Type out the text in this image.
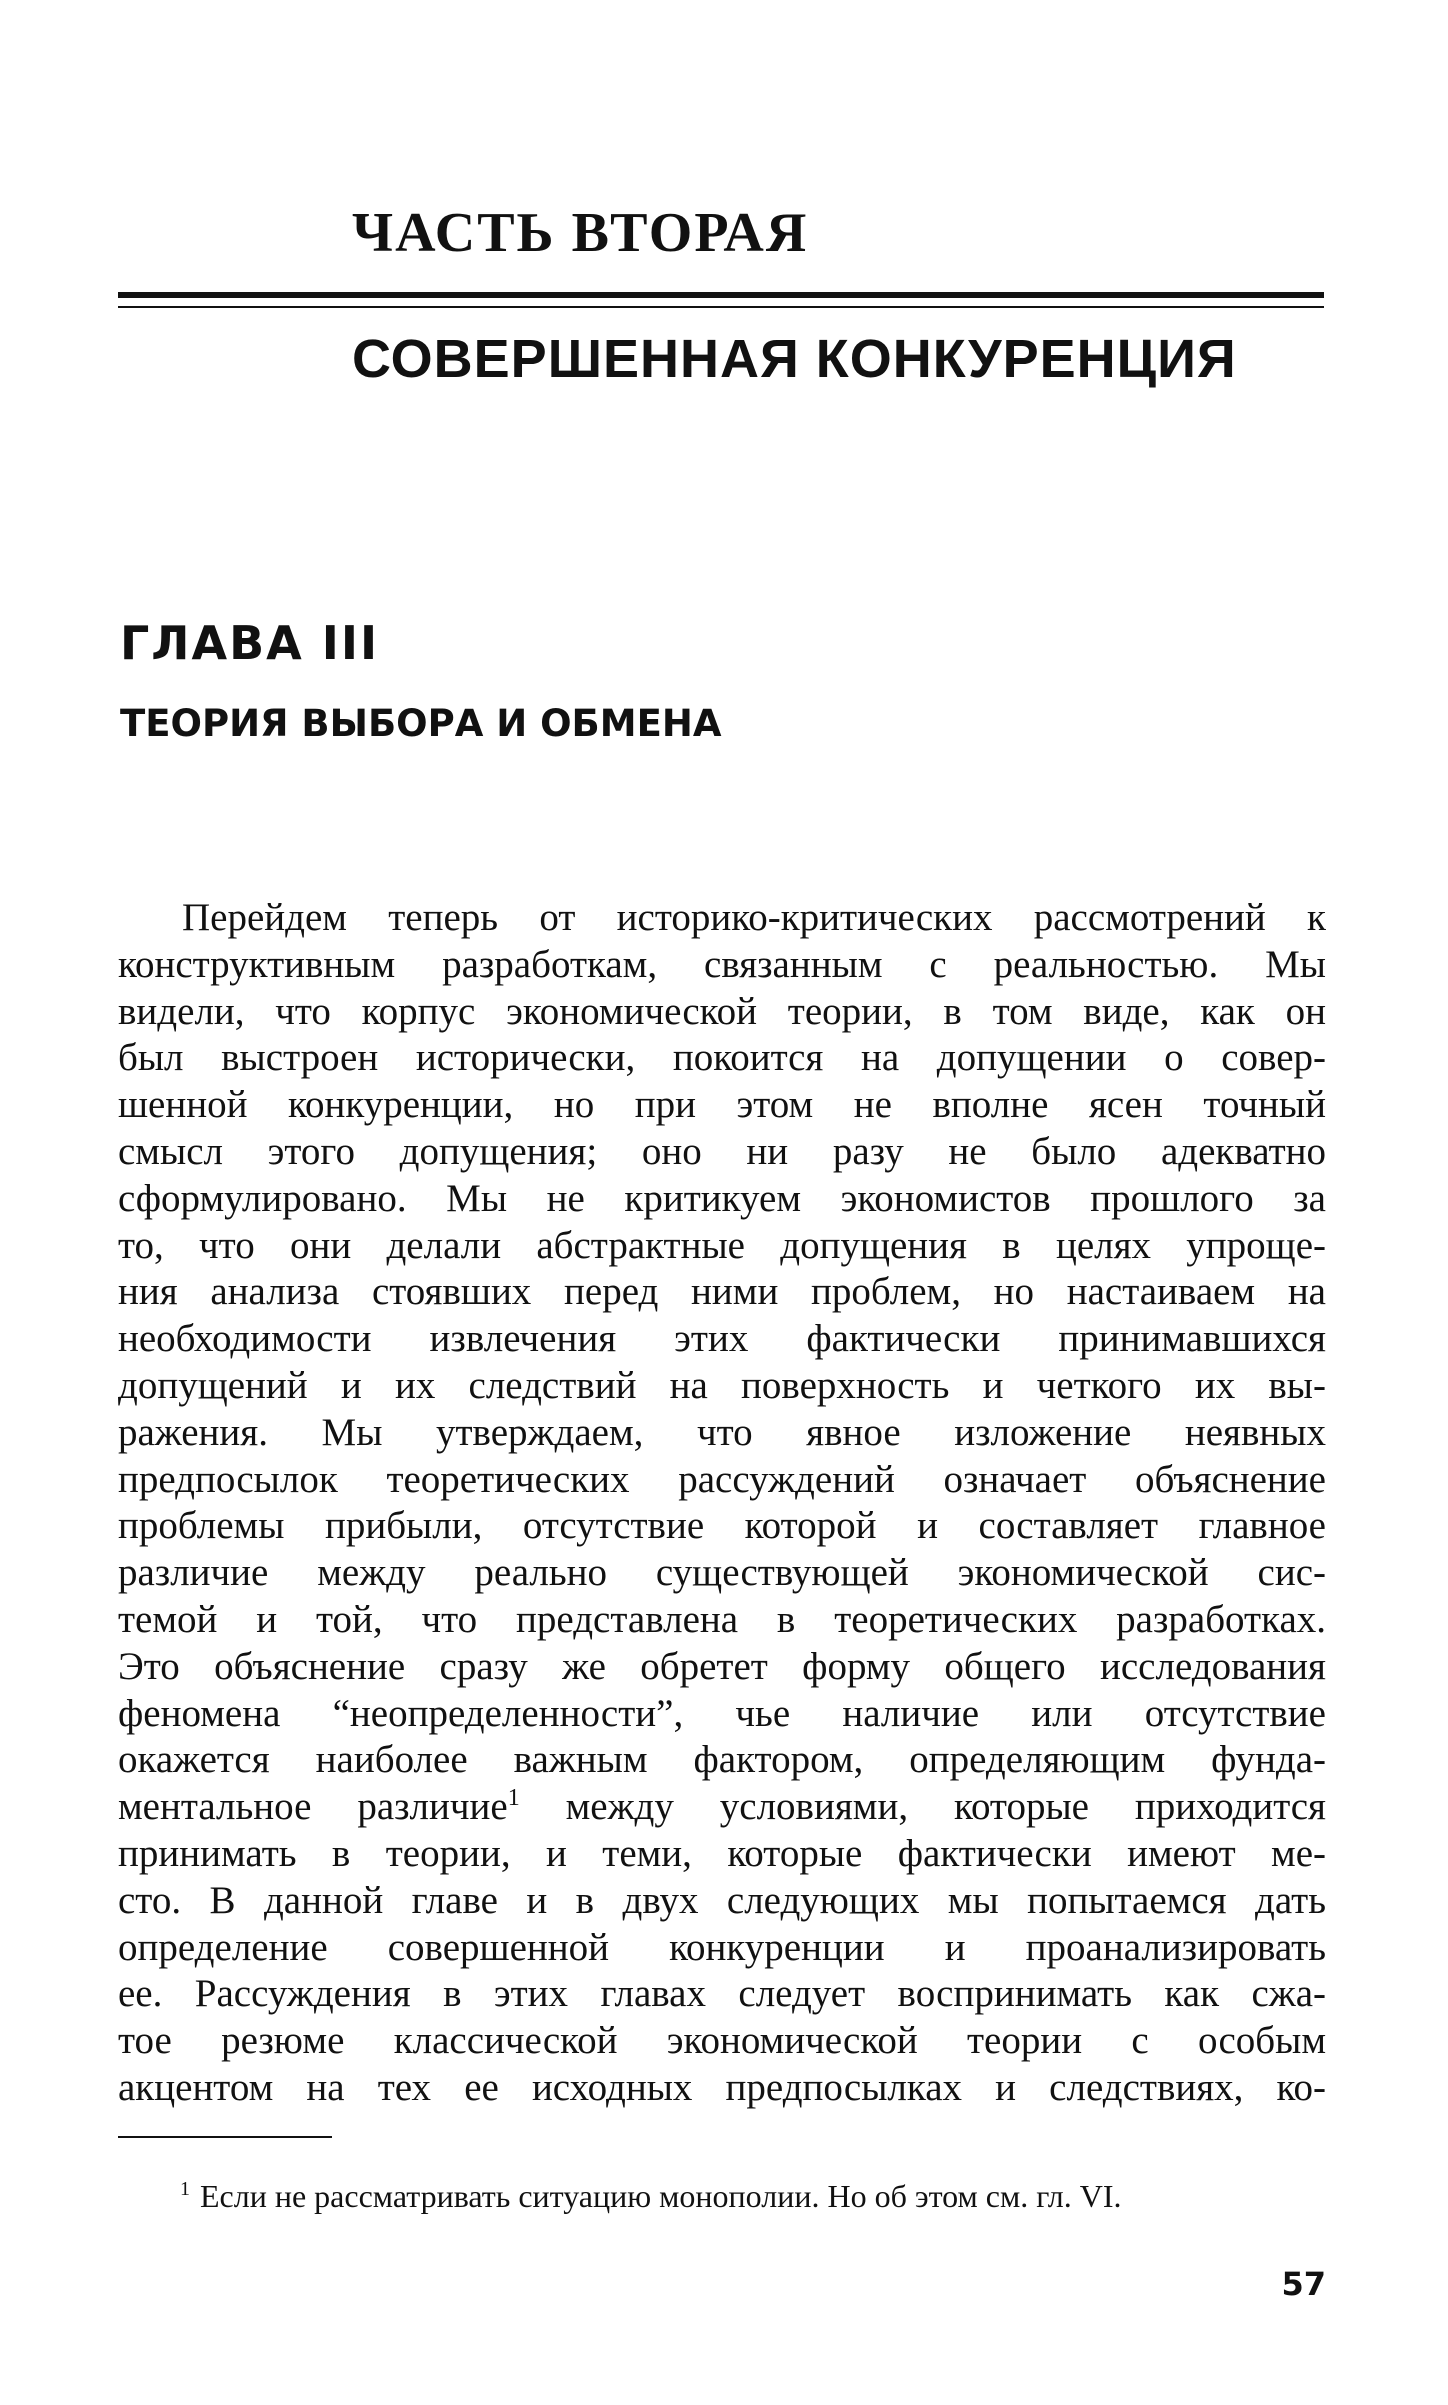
ЧАСТЬ ВТОРАЯ
СОВЕРШЕННАЯ КОНКУРЕНЦИЯ
ГЛАВА III
ТЕОРИЯ ВЫБОРА И ОБМЕНА
Перейдем теперь от историко-критических рассмотрений к
конструктивным разработкам, связанным с реальностью. Мы
видели, что корпус экономической теории, в том виде, как он
был выстроен исторически, покоится на допущении о совер-
шенной конкуренции, но при этом не вполне ясен точный
смысл этого допущения; оно ни разу не было адекватно
сформулировано. Мы не критикуем экономистов прошлого за
то, что они делали абстрактные допущения в целях упроще-
ния анализа стоявших перед ними проблем, но настаиваем на
необходимости извлечения этих фактически принимавшихся
допущений и их следствий на поверхность и четкого их вы-
ражения. Мы утверждаем, что явное изложение неявных
предпосылок теоретических рассуждений означает объяснение
проблемы прибыли, отсутствие которой и составляет главное
различие между реально существующей экономической сис-
темой и той, что представлена в теоретических разработках.
Это объяснение сразу же обретет форму общего исследования
феномена “неопределенности”, чье наличие или отсутствие
окажется наиболее важным фактором, определяющим фунда-
ментальное различие$^1$ между условиями, которые приходится
принимать в теории, и теми, которые фактически имеют ме-
сто. В данной главе и в двух следующих мы попытаемся дать
определение совершенной конкуренции и проанализировать
ее. Рассуждения в этих главах следует воспринимать как сжа-
тое резюме классической экономической теории с особым
акцентом на тех ее исходных предпосылках и следствиях, ко-

$^1$ Если не рассматривать ситуацию монополии. Но об этом см. гл. VI.

57
